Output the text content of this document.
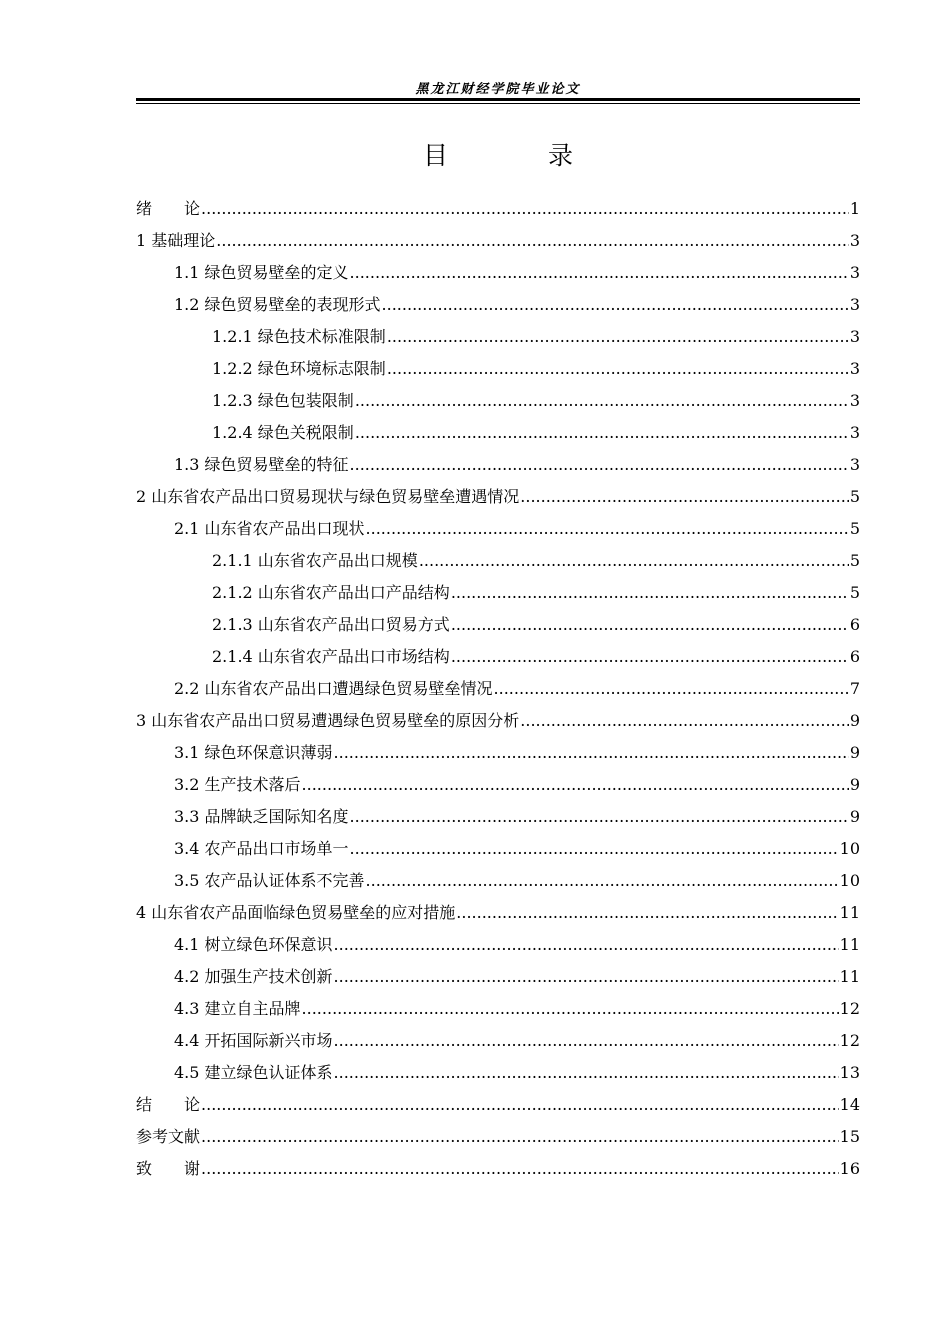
黑龙江财经学院毕业论文
目 录
绪　　论 .....	1
1 基础理论 .....	3
1.1 绿色贸易壁垒的定义 .....	3
1.2 绿色贸易壁垒的表现形式 .....	3
1.2.1 绿色技术标准限制 .....	3
1.2.2 绿色环境标志限制 .....	3
1.2.3 绿色包装限制 .....	3
1.2.4 绿色关税限制 .....	3
1.3 绿色贸易壁垒的特征 .....	3
2 山东省农产品出口贸易现状与绿色贸易壁垒遭遇情况 .....	5
2.1 山东省农产品出口现状 .....	5
2.1.1 山东省农产品出口规模 .....	5
2.1.2 山东省农产品出口产品结构 .....	5
2.1.3 山东省农产品出口贸易方式 .....	6
2.1.4 山东省农产品出口市场结构 .....	6
2.2 山东省农产品出口遭遇绿色贸易壁垒情况 .....	7
3 山东省农产品出口贸易遭遇绿色贸易壁垒的原因分析 .....	9
3.1 绿色环保意识薄弱 .....	9
3.2 生产技术落后 .....	9
3.3 品牌缺乏国际知名度 .....	9
3.4 农产品出口市场单一 .....	10
3.5 农产品认证体系不完善 .....	10
4 山东省农产品面临绿色贸易壁垒的应对措施 .....	11
4.1 树立绿色环保意识 .....	11
4.2 加强生产技术创新 .....	11
4.3 建立自主品牌 .....	12
4.4 开拓国际新兴市场 .....	12
4.5 建立绿色认证体系 .....	13
结　　论 .....	14
参考文献 .....	15
致　　谢 .....	16
